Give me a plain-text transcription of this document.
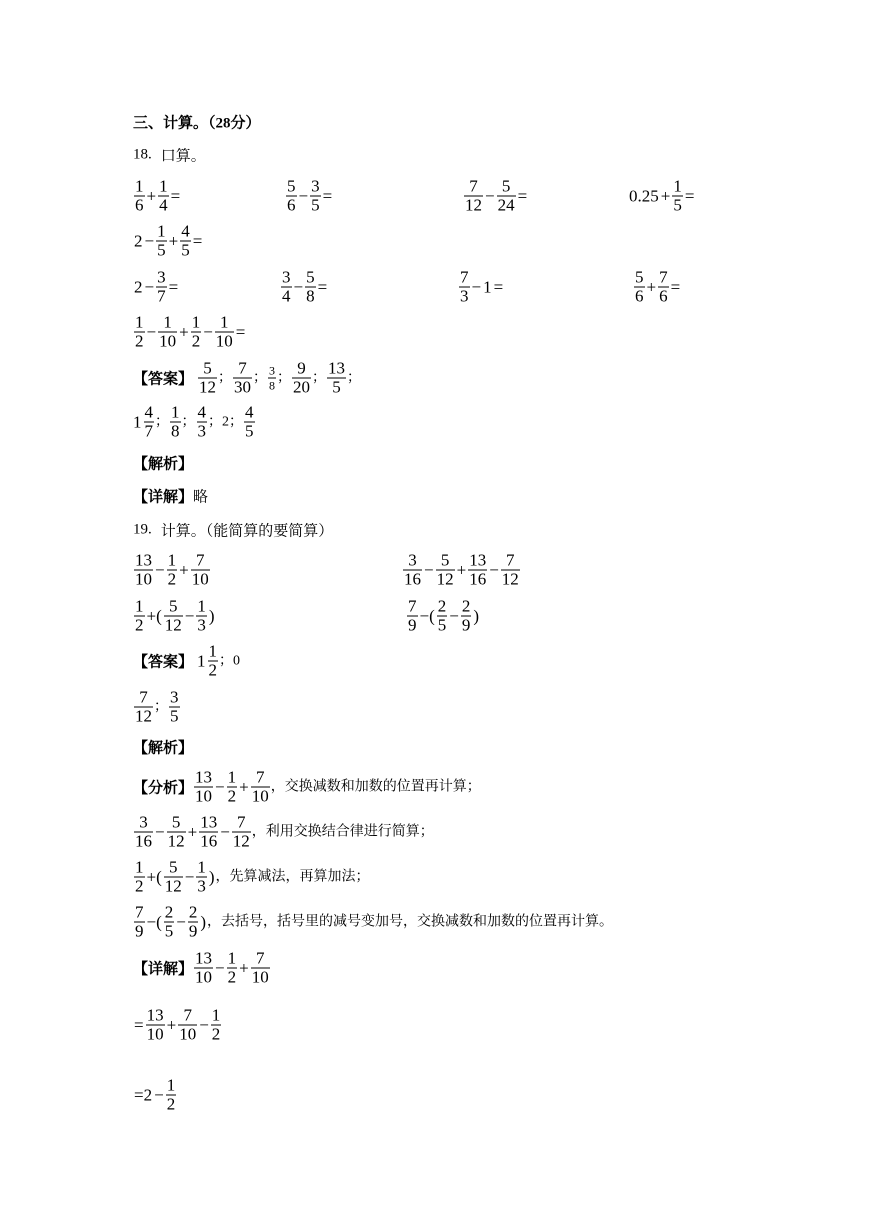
三、计算。（28分）
18. 口算。
$\frac{1}{6} + \frac{1}{4}$ =	$\frac{5}{6} - \frac{3}{5}$ =	$\frac{7}{12} - \frac{5}{24}$ =	$0.25 + \frac{1}{5}$ =
$2 - \frac{1}{5} + \frac{4}{5}$ =
$2 - \frac{3}{7}$ =	$\frac{3}{4} - \frac{5}{8}$ =	$\frac{7}{3} - 1$ =	$\frac{5}{6} + \frac{7}{6}$ =
$\frac{1}{2} - \frac{1}{10} + \frac{1}{2} - \frac{1}{10}$ =
【答案】 $\frac{5}{12}$ ； $\frac{7}{30}$ ； $\frac{3}{8}$ ； $\frac{9}{20}$ ； $\frac{13}{5}$ ；
$1 \frac{4}{7}$ ； $\frac{1}{8}$ ； $\frac{4}{3}$ ； 2； $\frac{4}{5}$
【解析】
【详解】 略
19. 计算。（能简算的要简算）
$\frac{13}{10} - \frac{1}{2} + \frac{7}{10}$	$\frac{3}{16} - \frac{5}{12} + \frac{13}{16} - \frac{7}{12}$
$\frac{1}{2}$ +( $\frac{5}{12} - \frac{1}{3}$ )	$\frac{7}{9}$ −( $\frac{2}{5} - \frac{2}{9}$ )
【答案】 $1 \frac{1}{2}$ ；0
$\frac{7}{12}$ ； $\frac{3}{5}$
【解析】
【分析】 $\frac{13}{10} - \frac{1}{2} + \frac{7}{10}$ ，交换减数和加数的位置再计算；
$\frac{3}{16} - \frac{5}{12} + \frac{13}{16} - \frac{7}{12}$ ，利用交换结合律进行简算；
$\frac{1}{2}$ +( $\frac{5}{12} - \frac{1}{3}$ ) ，先算减法，再算加法；
$\frac{7}{9}$ −( $\frac{2}{5} - \frac{2}{9}$ ) ，去括号，括号里的减号变加号，交换减数和加数的位置再计算。
【详解】 $\frac{13}{10} - \frac{1}{2} + \frac{7}{10}$
= $\frac{13}{10} + \frac{7}{10} - \frac{1}{2}$
$=2 - \frac{1}{2}$
